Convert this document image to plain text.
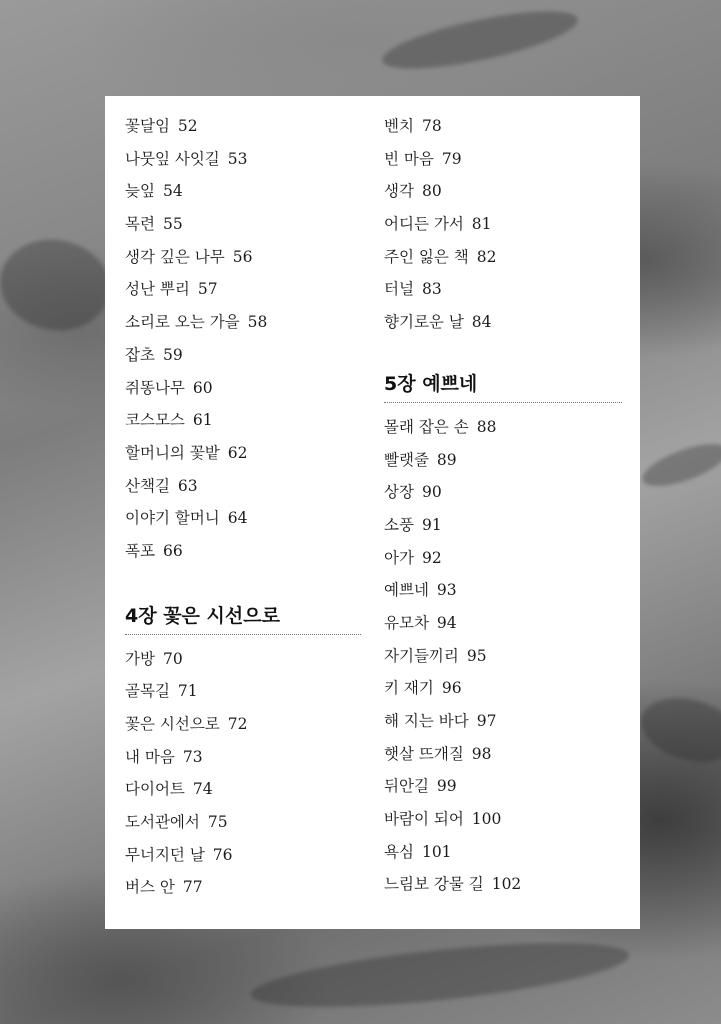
꽃달임 52
나뭇잎 사잇길 53
늦잎 54
목련 55
생각 깊은 나무 56
성난 뿌리 57
소리로 오는 가을 58
잡초 59
쥐똥나무 60
코스모스 61
할머니의 꽃밭 62
산책길 63
이야기 할머니 64
폭포 66
4장 꽃은 시선으로
가방 70
골목길 71
꽃은 시선으로 72
내 마음 73
다이어트 74
도서관에서 75
무너지던 날 76
버스 안 77
벤치 78
빈 마음 79
생각 80
어디든 가서 81
주인 잃은 책 82
터널 83
향기로운 날 84
5장 예쁘네
몰래 잡은 손 88
빨랫줄 89
상장 90
소풍 91
아가 92
예쁘네 93
유모차 94
자기들끼리 95
키 재기 96
해 지는 바다 97
햇살 뜨개질 98
뒤안길 99
바람이 되어 100
욕심 101
느림보 강물 길 102
